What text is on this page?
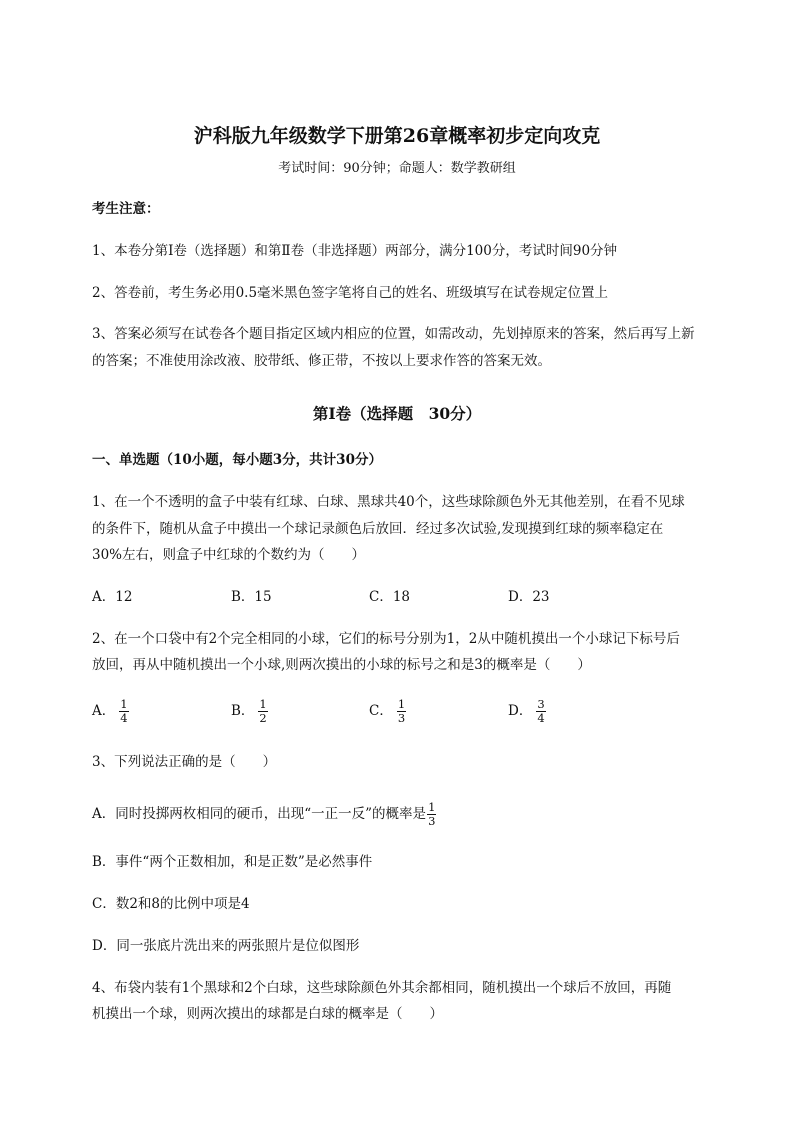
沪科版九年级数学下册第26章概率初步定向攻克
考试时间：90分钟；命题人：数学教研组
考生注意：
1、本卷分第I卷（选择题）和第Ⅱ卷（非选择题）两部分，满分100分，考试时间90分钟
2、答卷前，考生务必用0.5毫米黑色签字笔将自己的姓名、班级填写在试卷规定位置上
3、答案必须写在试卷各个题目指定区域内相应的位置，如需改动，先划掉原来的答案，然后再写上新
的答案；不准使用涂改液、胶带纸、修正带，不按以上要求作答的答案无效。
第I卷（选择题　30分）
一、单选题（10小题，每小题3分，共计30分）
1、在一个不透明的盒子中装有红球、白球、黑球共40个，这些球除颜色外无其他差别，在看不见球
的条件下，随机从盒子中摸出一个球记录颜色后放回．经过多次试验,发现摸到红球的频率稳定在
30%左右，则盒子中红球的个数约为（　　）
A．12	B．15	C．18	D．23
2、在一个口袋中有2个完全相同的小球，它们的标号分别为1，2从中随机摸出一个小球记下标号后
放回，再从中随机摸出一个小球,则两次摸出的小球的标号之和是3的概率是（　　）
A． $\frac{1}{4}$	B． $\frac{1}{2}$	C． $\frac{1}{3}$	D． $\frac{3}{4}$
3、下列说法正确的是（　　）
A．同时投掷两枚相同的硬币，出现“一正一反”的概率是 $\frac{1}{3}$
B．事件“两个正数相加，和是正数”是必然事件
C．数2和8的比例中项是4
D．同一张底片洗出来的两张照片是位似图形
4、布袋内装有1个黑球和2个白球，这些球除颜色外其余都相同，随机摸出一个球后不放回，再随
机摸出一个球，则两次摸出的球都是白球的概率是（　　）
